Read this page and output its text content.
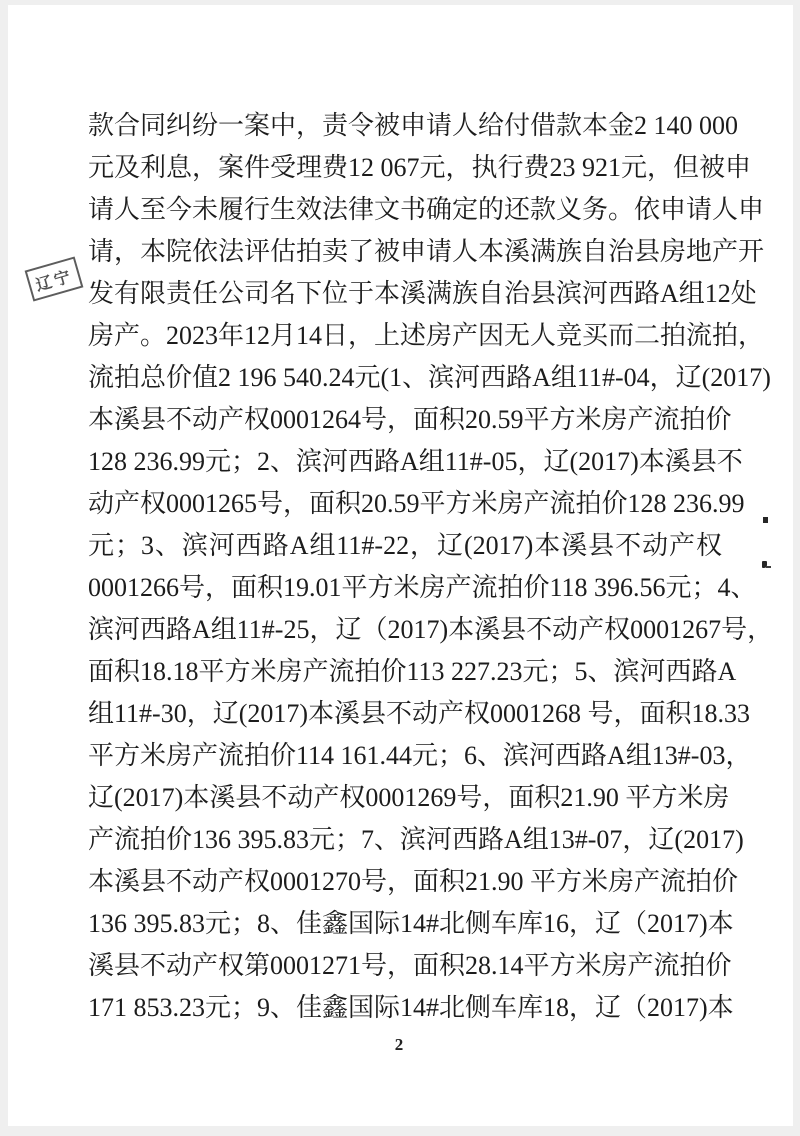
辽宁
款合同纠纷一案中，责令被申请人给付借款本金2 140 000
元及利息，案件受理费12 067元，执行费23 921元，但被申
请人至今未履行生效法律文书确定的还款义务。依申请人申
请，本院依法评估拍卖了被申请人本溪满族自治县房地产开
发有限责任公司名下位于本溪满族自治县滨河西路A组12处
房产。2023年12月14日，上述房产因无人竞买而二拍流拍，
流拍总价值2 196 540.24元(1、滨河西路A组11#-04，辽(2017)
本溪县不动产权0001264号，面积20.59平方米房产流拍价
128 236.99元；2、滨河西路A组11#-05，辽(2017)本溪县不
动产权0001265号，面积20.59平方米房产流拍价128 236.99
元；3、滨河西路A组11#-22，辽(2017)本溪县不动产权
0001266号，面积19.01平方米房产流拍价118 396.56元；4、
滨河西路A组11#-25，辽（2017)本溪县不动产权0001267号，
面积18.18平方米房产流拍价113 227.23元；5、滨河西路A
组11#-30，辽(2017)本溪县不动产权0001268 号，面积18.33
平方米房产流拍价114 161.44元；6、滨河西路A组13#-03，
辽(2017)本溪县不动产权0001269号，面积21.90 平方米房
产流拍价136 395.83元；7、滨河西路A组13#-07，辽(2017)
本溪县不动产权0001270号，面积21.90 平方米房产流拍价
136 395.83元；8、佳鑫国际14#北侧车库16，辽（2017)本
溪县不动产权第0001271号，面积28.14平方米房产流拍价
171 853.23元；9、佳鑫国际14#北侧车库18，辽（2017)本
2
